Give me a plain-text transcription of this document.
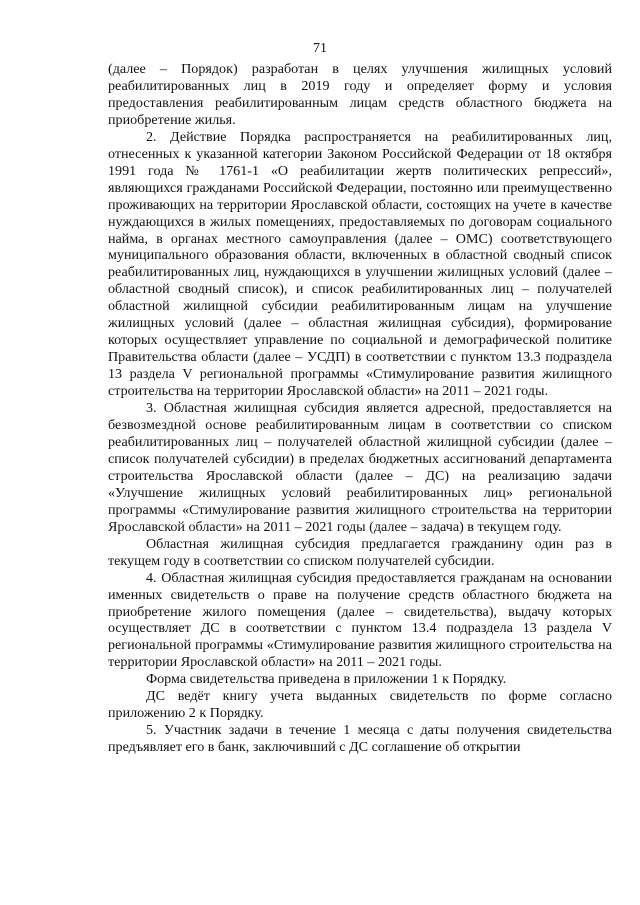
71

(далее – Порядок) разработан в целях улучшения жилищных условий реабилитированных лиц в 2019 году и определяет форму и условия предоставления реабилитированным лицам средств областного бюджета на приобретение жилья.

2. Действие Порядка распространяется на реабилитированных лиц, отнесенных к указанной категории Законом Российской Федерации от 18 октября 1991 года № 1761-1 «О реабилитации жертв политических репрессий», являющихся гражданами Российской Федерации, постоянно или преимущественно проживающих на территории Ярославской области, состоящих на учете в качестве нуждающихся в жилых помещениях, предоставляемых по договорам социального найма, в органах местного самоуправления (далее – ОМС) соответствующего муниципального образования области, включенных в областной сводный список реабилитированных лиц, нуждающихся в улучшении жилищных условий (далее – областной сводный список), и список реабилитированных лиц – получателей областной жилищной субсидии реабилитированным лицам на улучшение жилищных условий (далее – областная жилищная субсидия), формирование которых осуществляет управление по социальной и демографической политике Правительства области (далее – УСДП) в соответствии с пунктом 13.3 подраздела 13 раздела V региональной программы «Стимулирование развития жилищного строительства на территории Ярославской области» на 2011 – 2021 годы.

3. Областная жилищная субсидия является адресной, предоставляется на безвозмездной основе реабилитированным лицам в соответствии со списком реабилитированных лиц – получателей областной жилищной субсидии (далее – список получателей субсидии) в пределах бюджетных ассигнований департамента строительства Ярославской области (далее – ДС) на реализацию задачи «Улучшение жилищных условий реабилитированных лиц» региональной программы «Стимулирование развития жилищного строительства на территории Ярославской области» на 2011 – 2021 годы (далее – задача) в текущем году.

Областная жилищная субсидия предлагается гражданину один раз в текущем году в соответствии со списком получателей субсидии.

4. Областная жилищная субсидия предоставляется гражданам на основании именных свидетельств о праве на получение средств областного бюджета на приобретение жилого помещения (далее – свидетельства), выдачу которых осуществляет ДС в соответствии с пунктом 13.4 подраздела 13 раздела V региональной программы «Стимулирование развития жилищного строительства на территории Ярославской области» на 2011 – 2021 годы.

Форма свидетельства приведена в приложении 1 к Порядку.

ДС ведёт книгу учета выданных свидетельств по форме согласно приложению 2 к Порядку.

5. Участник задачи в течение 1 месяца с даты получения свидетельства предъявляет его в банк, заключивший с ДС соглашение об открытии
